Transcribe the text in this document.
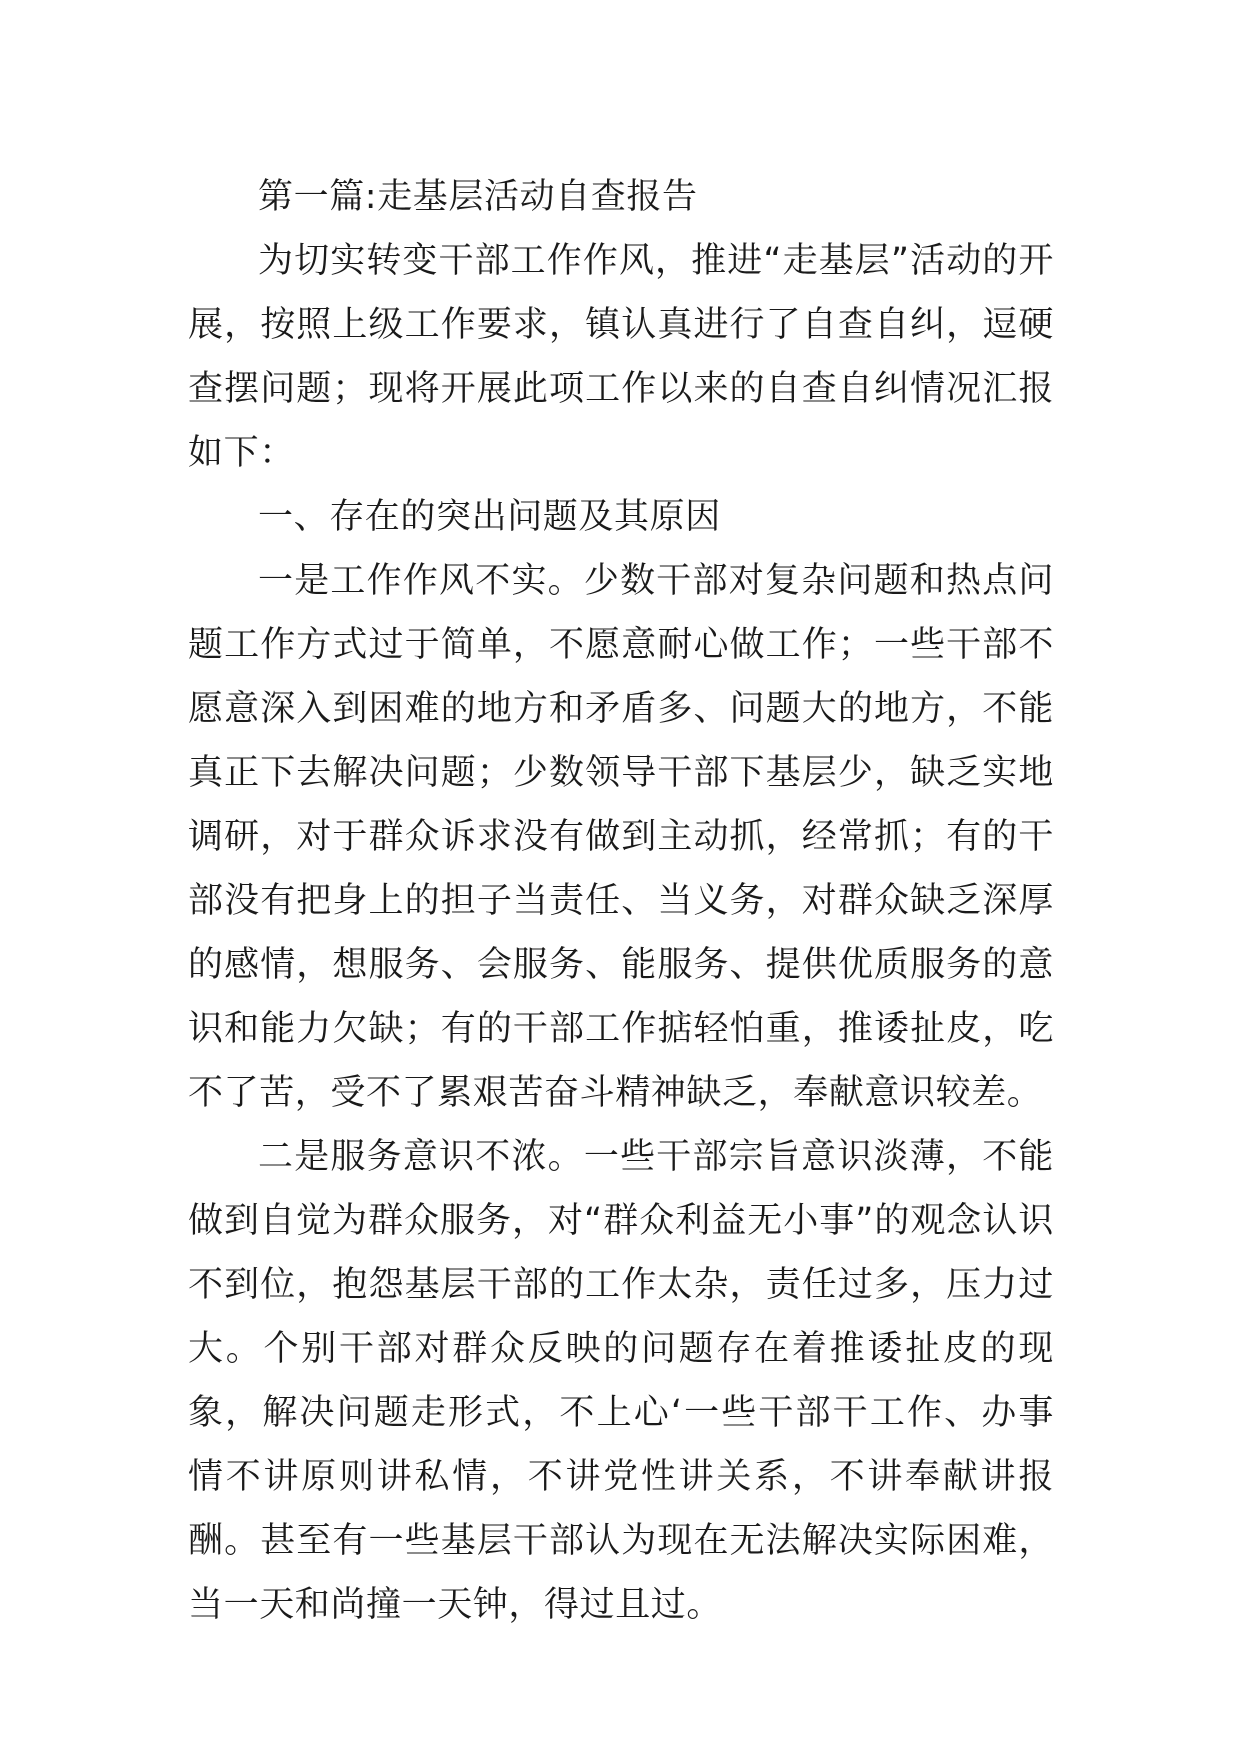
第一篇:走基层活动自查报告

为切实转变干部工作作风，推进“走基层”活动的开展，按照上级工作要求，镇认真进行了自查自纠，逗硬查摆问题；现将开展此项工作以来的自查自纠情况汇报如下：

一、存在的突出问题及其原因

一是工作作风不实。少数干部对复杂问题和热点问题工作方式过于简单，不愿意耐心做工作；一些干部不愿意深入到困难的地方和矛盾多、问题大的地方，不能真正下去解决问题；少数领导干部下基层少，缺乏实地调研，对于群众诉求没有做到主动抓，经常抓；有的干部没有把身上的担子当责任、当义务，对群众缺乏深厚的感情，想服务、会服务、能服务、提供优质服务的意识和能力欠缺；有的干部工作掂轻怕重，推诿扯皮，吃不了苦，受不了累艰苦奋斗精神缺乏，奉献意识较差。

二是服务意识不浓。一些干部宗旨意识淡薄，不能做到自觉为群众服务，对“群众利益无小事”的观念认识不到位，抱怨基层干部的工作太杂，责任过多，压力过大。个别干部对群众反映的问题存在着推诿扯皮的现象，解决问题走形式，不上心‘一些干部干工作、办事情不讲原则讲私情，不讲党性讲关系，不讲奉献讲报酬。甚至有一些基层干部认为现在无法解决实际困难，当一天和尚撞一天钟，得过且过。
